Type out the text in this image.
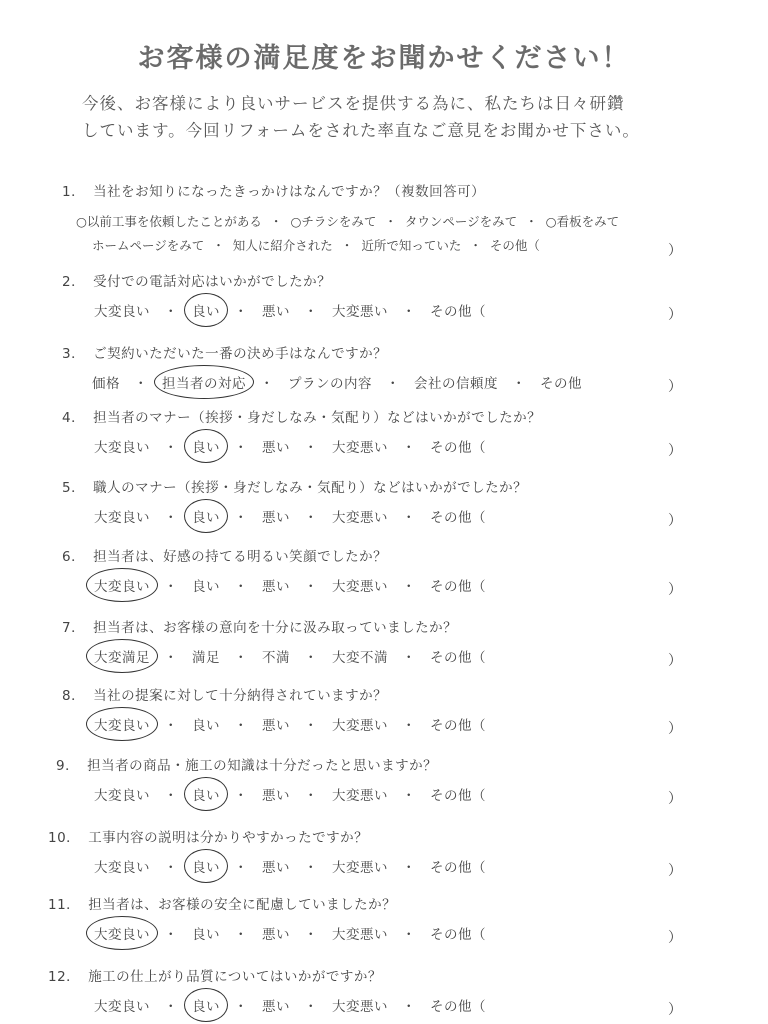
お客様の満足度をお聞かせください！
今後、お客様により良いサービスを提供する為に、私たちは日々研鑽
しています。今回リフォームをされた率直なご意見をお聞かせ下さい。
1． 当社をお知りになったきっかけはなんですか？（複数回答可）
○以前工事を依頼したことがある ・ ○チラシをみて ・ タウンページをみて ・ ○看板をみて
ホームページをみて ・ 知人に紹介された ・ 近所で知っていた ・ その他（	）
2． 受付での電話対応はいかがでしたか？
大変良い ・ 良い ・ 悪い ・ 大変悪い ・ その他（	）
3． ご契約いただいた一番の決め手はなんですか？
価格 ・ 担当者の対応 ・ プランの内容 ・ 会社の信頼度 ・ その他	）
4． 担当者のマナー（挨拶・身だしなみ・気配り）などはいかがでしたか？
大変良い ・ 良い ・ 悪い ・ 大変悪い ・ その他（	）
5． 職人のマナー（挨拶・身だしなみ・気配り）などはいかがでしたか？
大変良い ・ 良い ・ 悪い ・ 大変悪い ・ その他（	）
6． 担当者は、好感の持てる明るい笑顔でしたか？
大変良い ・ 良い ・ 悪い ・ 大変悪い ・ その他（	）
7． 担当者は、お客様の意向を十分に汲み取っていましたか？
大変満足 ・ 満足 ・ 不満 ・ 大変不満 ・ その他（	）
8． 当社の提案に対して十分納得されていますか？
大変良い ・ 良い ・ 悪い ・ 大変悪い ・ その他（	）
9． 担当者の商品・施工の知識は十分だったと思いますか？
大変良い ・ 良い ・ 悪い ・ 大変悪い ・ その他（	）
10． 工事内容の説明は分かりやすかったですか？
大変良い ・ 良い ・ 悪い ・ 大変悪い ・ その他（	）
11． 担当者は、お客様の安全に配慮していましたか？
大変良い ・ 良い ・ 悪い ・ 大変悪い ・ その他（	）
12． 施工の仕上がり品質についてはいかがですか？
大変良い ・ 良い ・ 悪い ・ 大変悪い ・ その他（	）
